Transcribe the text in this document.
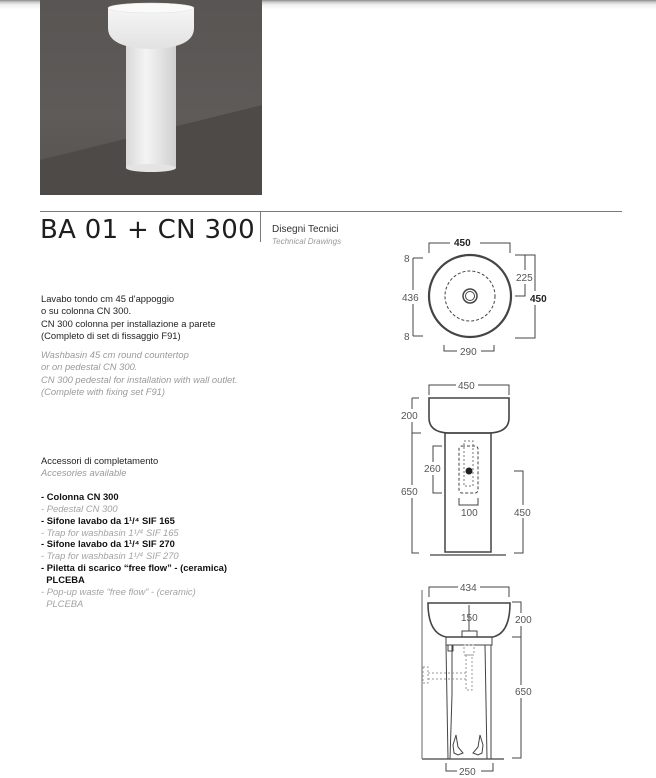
BA 01 + CN 300 Disegni Tecnici
Technical Drawings
Lavabo tondo cm 45 d'appoggio
o su colonna CN 300.
CN 300 colonna per installazione a parete
(Completo di set di fissaggio F91)
Washbasin 45 cm round countertop
or on pedestal CN 300.
CN 300 pedestal for installation with wall outlet.
(Complete with fixing set F91)
Accessori di completamento
Accesories available
- Colonna CN 300
- Pedestal CN 300
- Sifone lavabo da 1¹/⁴ SIF 165
- Trap for washbasin 1¹/⁴ SIF 165
- Sifone lavabo da 1¹/⁴ SIF 270
- Trap for washbasin 1¹/⁴ SIF 270
- Piletta di scarico “free flow” - (ceramica)
PLCEBA
- Pop-up waste “free flow” - (ceramic)
PLCEBA
450
8
436
8
225
450
290
450
200
650
260
100	450
434
150	200
650
250
